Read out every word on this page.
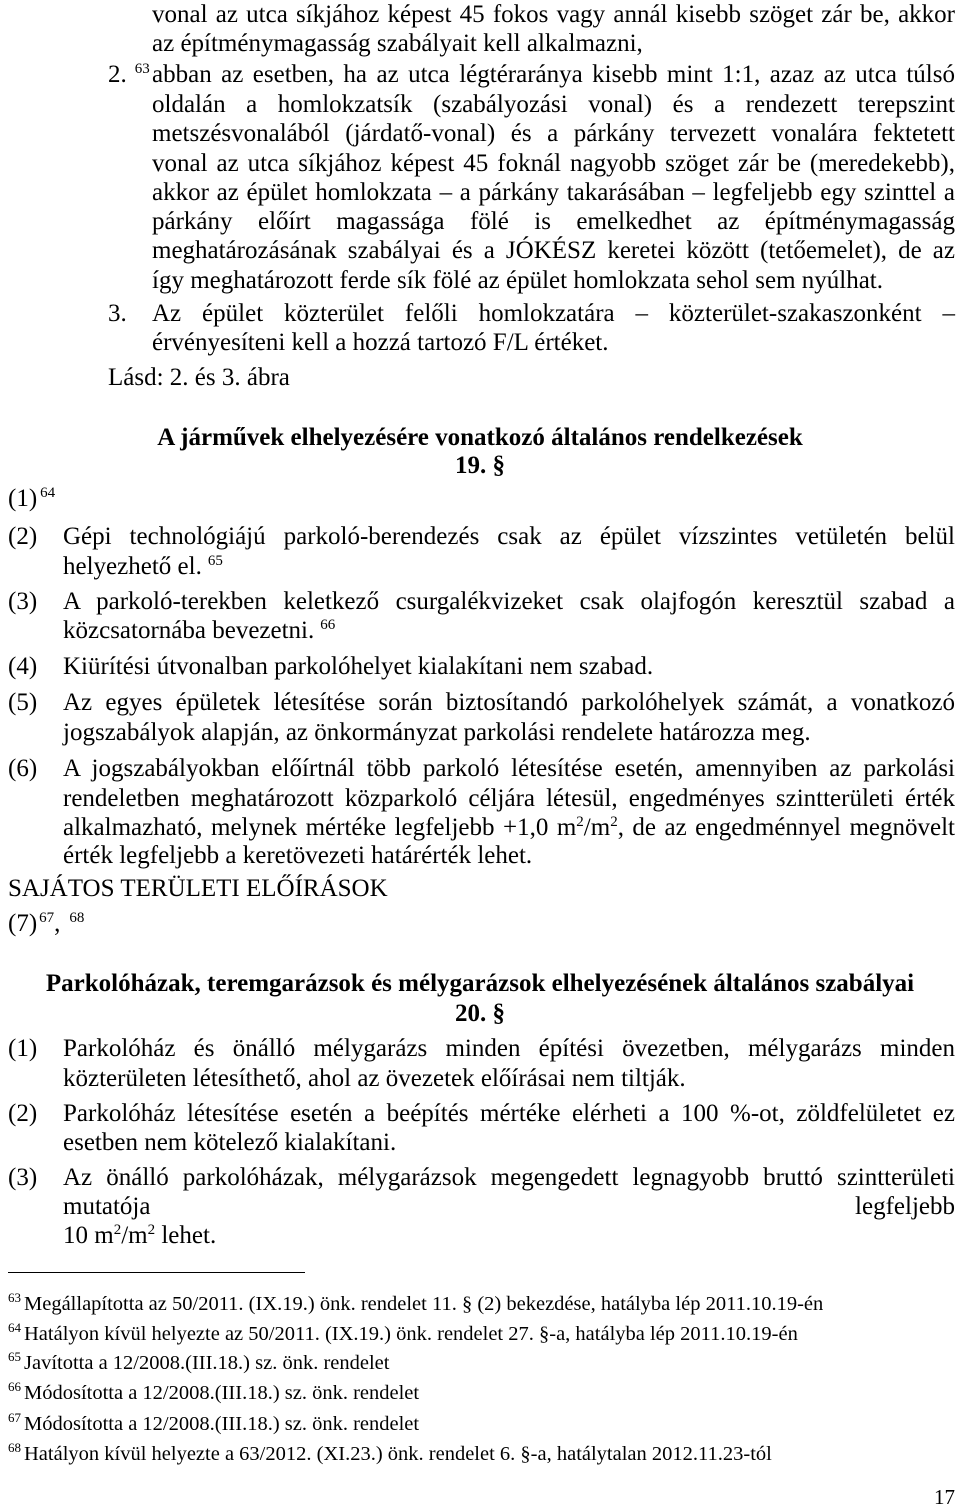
vonal az utca síkjához képest 45 fokos vagy annál kisebb szöget zár be, akkor
az építménymagasság szabályait kell alkalmazni,
2. $^{63}$ abban az esetben, ha az utca légtéraránya kisebb mint 1:1, azaz az utca túlsó
oldalán a homlokzatsík (szabályozási vonal) és a rendezett terepszint
metszésvonalából (járdatő-vonal) és a párkány tervezett vonalára fektetett
vonal az utca síkjához képest 45 foknál nagyobb szöget zár be (meredekebb),
akkor az épület homlokzata – a párkány takarásában – legfeljebb egy szinttel a
párkány előírt magassága fölé is emelkedhet az építménymagasság
meghatározásának szabályai és a JÓKÉSZ keretei között (tetőemelet), de az
így meghatározott ferde sík fölé az épület homlokzata sehol sem nyúlhat.
3. Az épület közterület felőli homlokzatára – közterület-szakaszonként –
érvényesíteni kell a hozzá tartozó F/L értéket.
Lásd: 2. és 3. ábra
A járművek elhelyezésére vonatkozó általános rendelkezések
19. §
(1) $^{64}$
(2) Gépi technológiájú parkoló-berendezés csak az épület vízszintes vetületén belül
helyezhető el. $^{65}$
(3) A parkoló-terekben keletkező csurgalékvizeket csak olajfogón keresztül szabad a
közcsatornába bevezetni. $^{66}$
(4) Kiürítési útvonalban parkolóhelyet kialakítani nem szabad.
(5) Az egyes épületek létesítése során biztosítandó parkolóhelyek számát, a vonatkozó
jogszabályok alapján, az önkormányzat parkolási rendelete határozza meg.
(6) A jogszabályokban előírtnál több parkoló létesítése esetén, amennyiben az parkolási
rendeletben meghatározott közparkoló céljára létesül, engedményes szintterületi érték
alkalmazható, melynek mértéke legfeljebb +1,0 $m^2/m^2$, de az engedménnyel megnövelt
érték legfeljebb a keretövezeti határérték lehet.
SAJÁTOS TERÜLETI ELŐÍRÁSOK
(7) $^{67}$, $^{68}$
Parkolóházak, teremgarázsok és mélygarázsok elhelyezésének általános szabályai
20. §
(1) Parkolóház és önálló mélygarázs minden építési övezetben, mélygarázs minden
közterületen létesíthető, ahol az övezetek előírásai nem tiltják.
(2) Parkolóház létesítése esetén a beépítés mértéke elérheti a 100 %-ot, zöldfelületet ez
esetben nem kötelező kialakítani.
(3) Az önálló parkolóházak, mélygarázsok megengedett legnagyobb bruttó szintterületi
mutatója legfeljebb
10 $m^2/m^2$ lehet.
$^{63}$ Megállapította az 50/2011. (IX.19.) önk. rendelet 11. § (2) bekezdése, hatályba lép 2011.10.19-én
$^{64}$ Hatályon kívül helyezte az 50/2011. (IX.19.) önk. rendelet 27. §-a, hatályba lép 2011.10.19-én
$^{65}$ Javította a 12/2008.(III.18.) sz. önk. rendelet
$^{66}$ Módosította a 12/2008.(III.18.) sz. önk. rendelet
$^{67}$ Módosította a 12/2008.(III.18.) sz. önk. rendelet
$^{68}$ Hatályon kívül helyezte a 63/2012. (XI.23.) önk. rendelet 6. §-a, hatálytalan 2012.11.23-tól
17
